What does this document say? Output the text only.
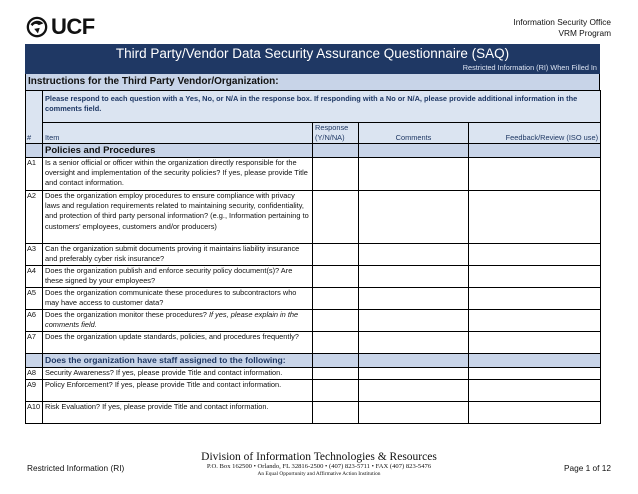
UCF	Information Security Office
VRM Program
Third Party/Vendor Data Security Assurance Questionnaire (SAQ)
Restricted Information (RI) When Filled In
Instructions for the Third Party Vendor/Organization:
#	Please respond to each question with a Yes, No, or N/A in the response box. If responding with a No or N/A, please provide additional information in the comments field.			
	Item	Response (Y/N/NA)	Comments	Feedback/Review (ISO use)
	Policies and Procedures			
A1	Is a senior official or officer within the organization directly responsible for the oversight and implementation of the security policies? If yes, please provide Title and contact information.			
A2	Does the organization employ procedures to ensure compliance with privacy laws and regulation requirements related to maintaining security, confidentiality, and protection of third party personal information? (e.g., Information pertaining to customers' employees, customers and/or producers)			
A3	Can the organization submit documents proving it maintains liability insurance and preferably cyber risk insurance?			
A4	Does the organization publish and enforce security policy document(s)? Are these signed by your employees?			
A5	Does the organization communicate these procedures to subcontractors who may have access to customer data?			
A6	Does the organization monitor these procedures? If yes, please explain in the comments field.			
A7	Does the organization update standards, policies, and procedures frequently?			
	Does the organization have staff assigned to the following:			
A8	Security Awareness? If yes, please provide Title and contact information.			
A9	Policy Enforcement? If yes, please provide Title and contact information.			
A10	Risk Evaluation? If yes, please provide Title and contact information.			
Restricted Information (RI)
Division of Information Technologies & Resources
P.O. Box 162500 • Orlando, FL 32816-2500 • (407) 823-5711 • FAX (407) 823-5476
An Equal Opportunity and Affirmative Action Institution
Page 1 of 12
